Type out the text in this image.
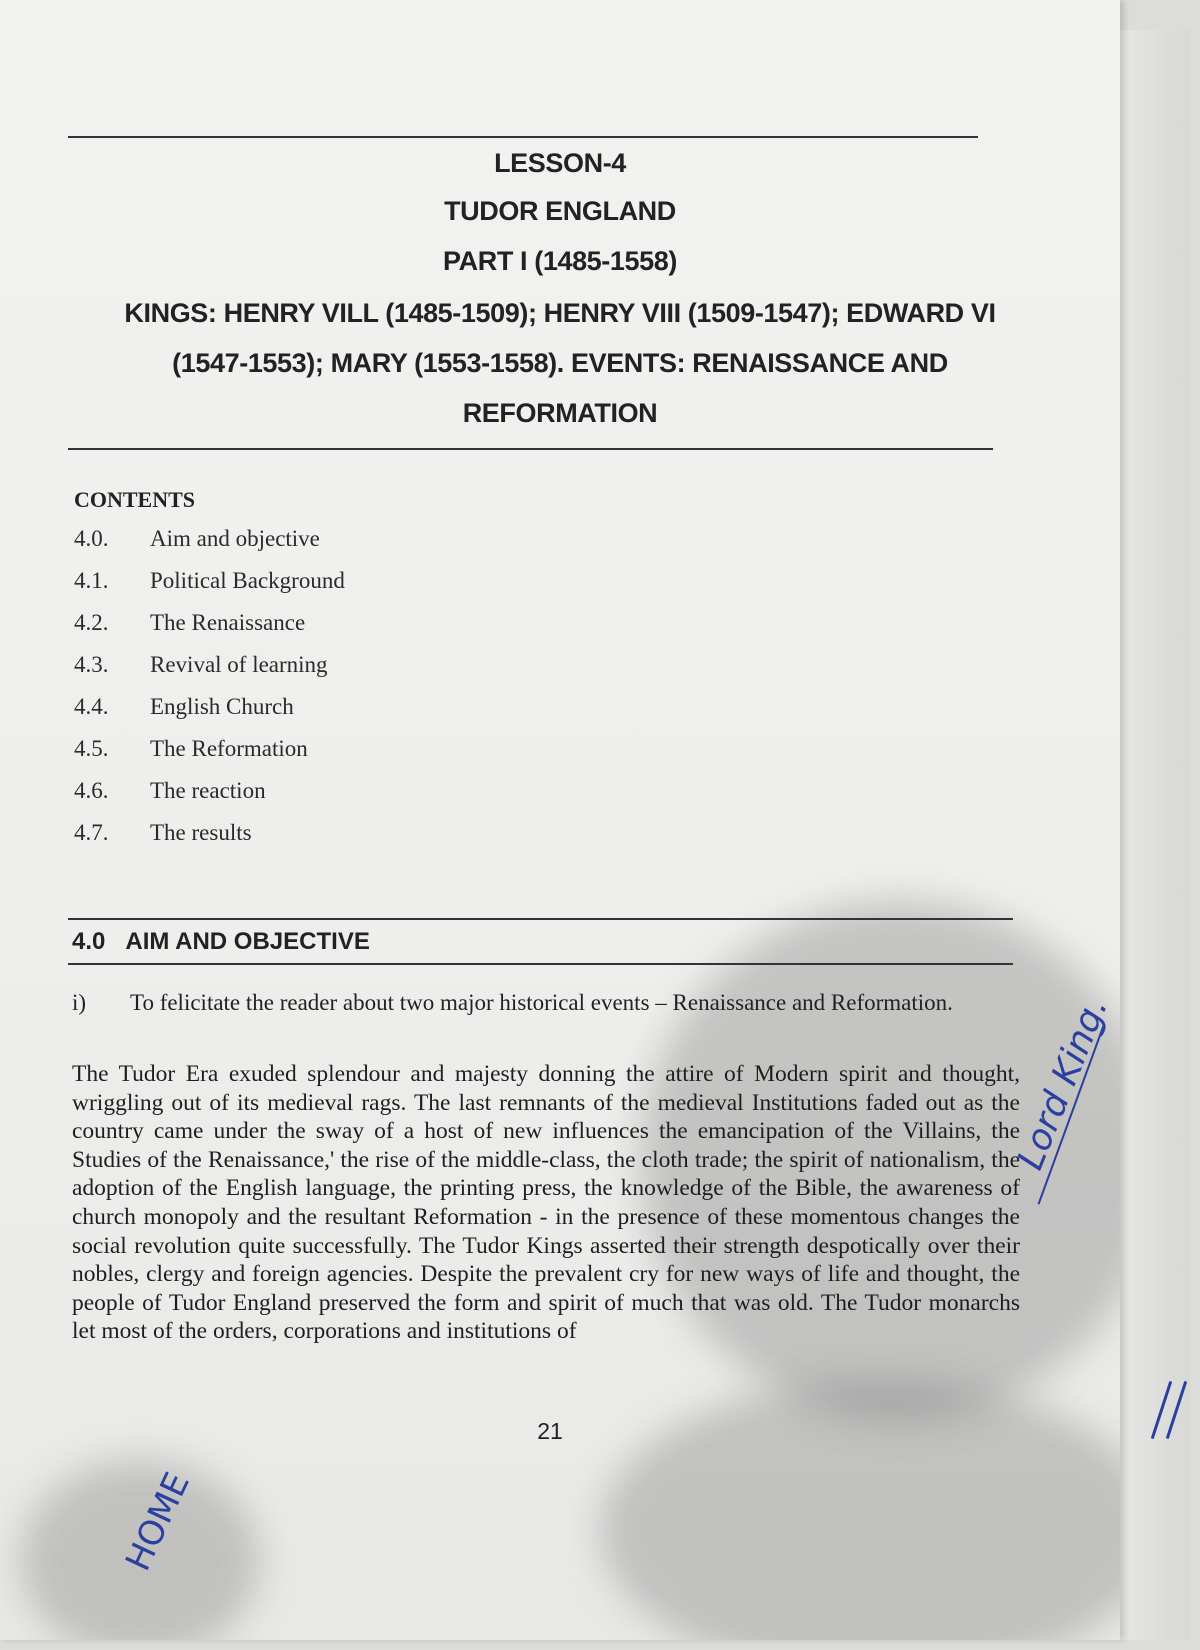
LESSON-4
TUDOR ENGLAND
PART I (1485-1558)
KINGS: HENRY VILL (1485-1509); HENRY VIII (1509-1547); EDWARD VI
(1547-1553); MARY (1553-1558). EVENTS: RENAISSANCE AND
REFORMATION
CONTENTS
4.0.	Aim and objective
4.1.	Political Background
4.2.	The Renaissance
4.3.	Revival of learning
4.4.	English Church
4.5.	The Reformation
4.6.	The reaction
4.7.	The results
4.0 AIM AND OBJECTIVE
i)	To felicitate the reader about two major historical events – Renaissance and Reformation.

The Tudor Era exuded splendour and majesty donning the attire of Modern spirit and thought, wriggling out of its medieval rags. The last remnants of the medieval Institutions faded out as the country came under the sway of a host of new influences the emancipation of the Villains, the Studies of the Renaissance,' the rise of the middle-class, the cloth trade; the spirit of nationalism, the adoption of the English language, the printing press, the knowledge of the Bible, the awareness of church monopoly and the resultant Reformation - in the presence of these momentous changes the social revolution quite successfully. The Tudor Kings asserted their strength despotically over their nobles, clergy and foreign agencies. Despite the prevalent cry for new ways of life and thought, the people of Tudor England preserved the form and spirit of much that was old. The Tudor monarchs let most of the orders, corporations and institutions of

21
Lord King.
HOME
